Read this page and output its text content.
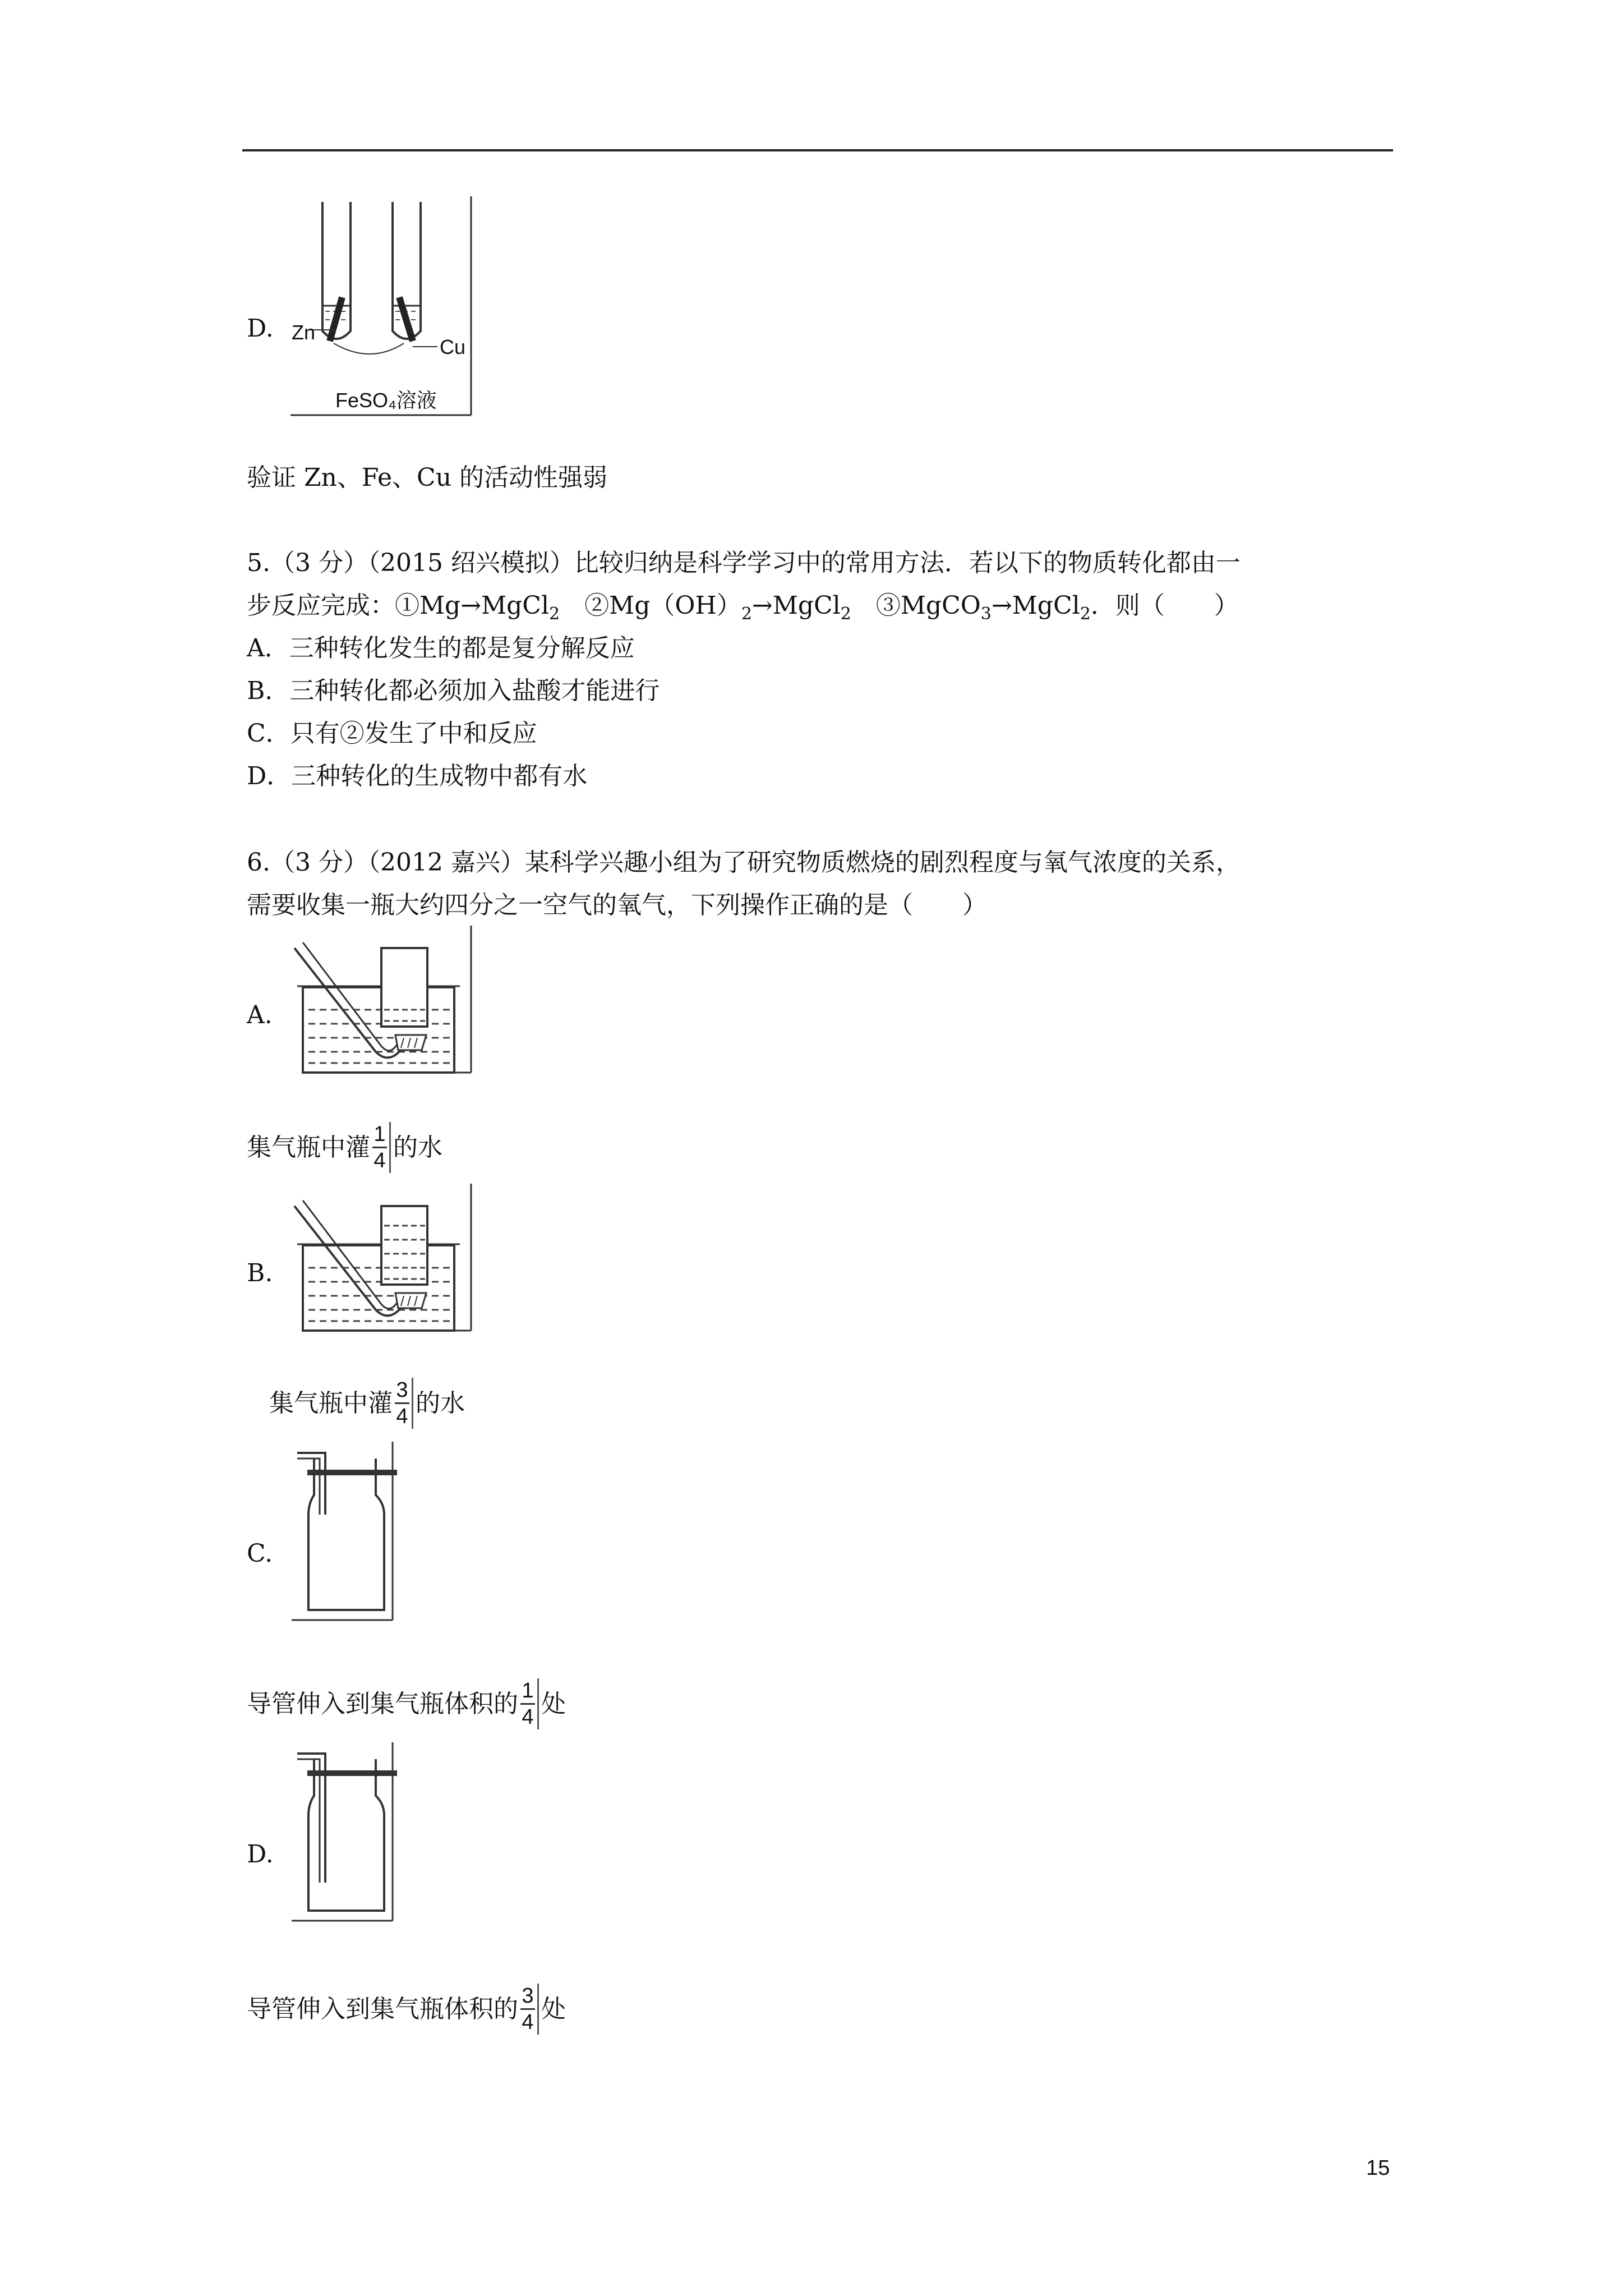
D. Zn
Cu
FeSO₄溶液
验证 Zn、Fe、Cu 的活动性强弱
5.（3 分）（2015 绍兴模拟）比较归纳是科学学习中的常用方法．若以下的物质转化都由一
步反应完成：①Mg→MgCl$_2$　$②Mg(OH)_2\to MgCl_2$　③MgCO$_3$→MgCl$_2$．则（　　）
A．三种转化发生的都是复分解反应
B．三种转化都必须加入盐酸才能进行
C．只有②发生了中和反应
D．三种转化的生成物中都有水
6.（3 分）（2012 嘉兴）某科学兴趣小组为了研究物质燃烧的剧烈程度与氧气浓度的关系，
需要收集一瓶大约四分之一空气的氧气，下列操作正确的是（　　）
A.
集气瓶中灌 $\frac{1}{4}$ 的水
B.
集气瓶中灌 $\frac{3}{4}$ 的水
C.
导管伸入到集气瓶体积的 $\frac{1}{4}$ 处
D.
导管伸入到集气瓶体积的 $\frac{3}{4}$ 处
15
